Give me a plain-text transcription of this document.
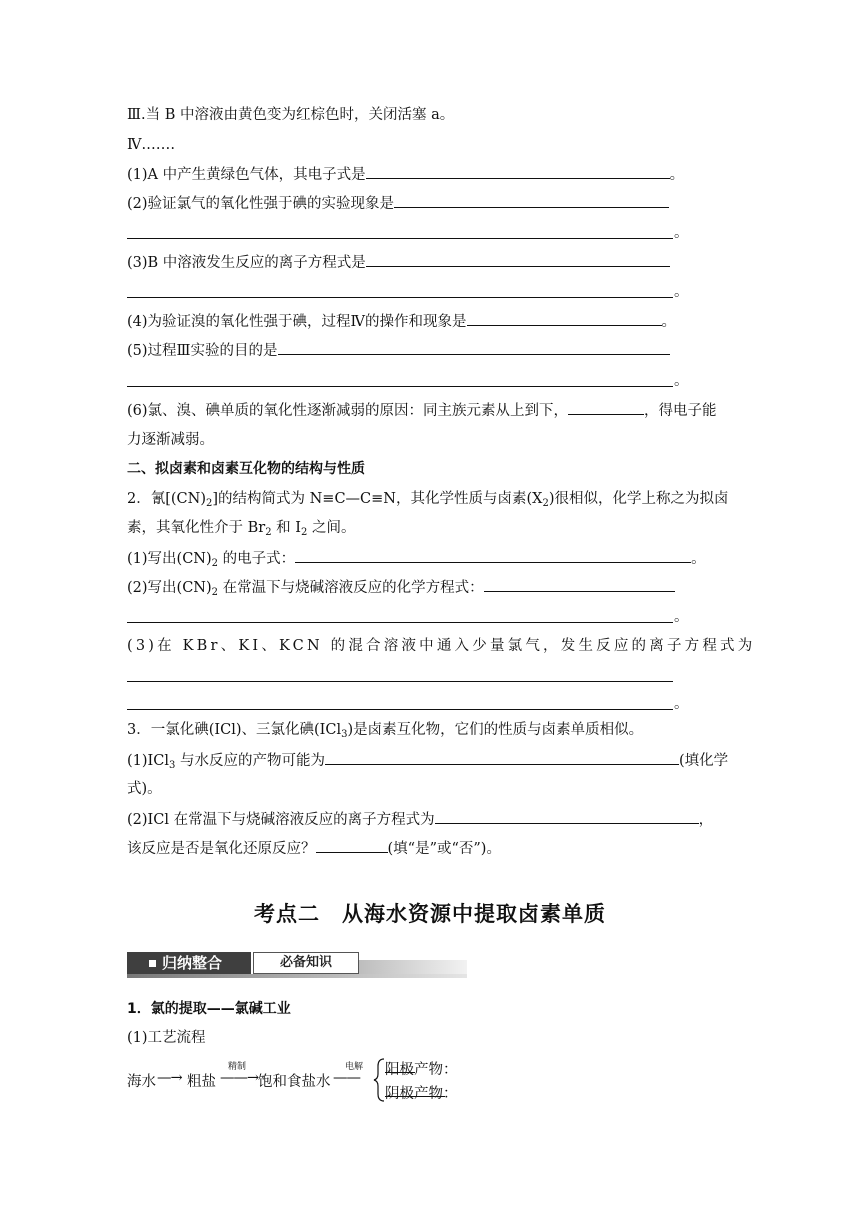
Ⅲ.当 B 中溶液由黄色变为红棕色时，关闭活塞 a。
Ⅳ.……
(1)A 中产生黄绿色气体，其电子式是	。
(2)验证氯气的氧化性强于碘的实验现象是
。
(3)B 中溶液发生反应的离子方程式是
。
(4)为验证溴的氧化性强于碘，过程Ⅳ的操作和现象是	。
(5)过程Ⅲ实验的目的是
。
(6)氯、溴、碘单质的氧化性逐渐减弱的原因：同主族元素从上到下，	，得电子能
力逐渐减弱。
二、拟卤素和卤素互化物的结构与性质
2．氰$[(CN)_2]$的结构简式为 N≡C—C≡N，其化学性质与卤素$(X_2)$很相似，化学上称之为拟卤
素，其氧化性介于 $Br_2$ 和 $I_2$ 之间。
(1)写出$(CN)_2$ 的电子式：	。
(2)写出$(CN)_2$ 在常温下与烧碱溶液反应的化学方程式：
。
(3)在 KBr、KI、KCN 的混合溶液中通入少量氯气，发生反应的离子方程式为
。
3．一氯化碘(ICl)、三氯化碘(ICl$_3$)是卤素互化物，它们的性质与卤素单质相似。
(1)ICl$_3$ 与水反应的产物可能为	(填化学
式)。
(2)ICl 在常温下与烧碱溶液反应的离子方程式为	，
该反应是否是氧化还原反应？	(填“是”或“否”)。
考点二　从海水资源中提取卤素单质
归纳整合	必备知识
1．氯的提取——氯碱工业
(1)工艺流程
海水 —→ 粗盐
精制
——→ 饱和食盐水
电解
—— 阳极产物：
阴极产物：
